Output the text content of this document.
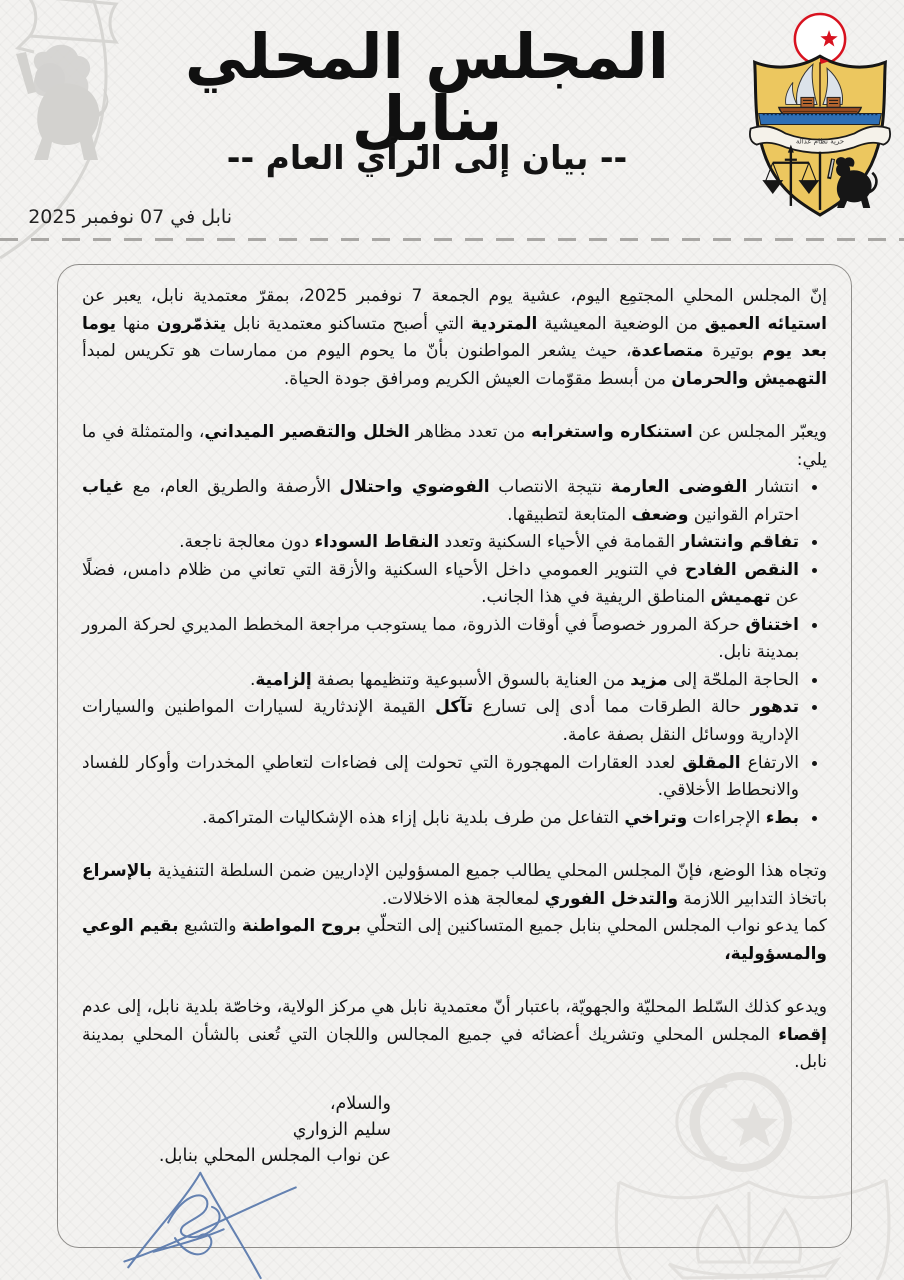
المجلس المحلي بنابل
-- بيان إلى الرأي العام --
نابل في 07 نوفمبر 2025
حرية نظام عدالة

إنّ المجلس المحلي المجتمِع اليوم، عشية يوم الجمعة 7 نوفمبر 2025، بمقرّ معتمدية نابل، يعبر عن استيائه العميق من الوضعية المعيشية المتردية التي أصبح متساكنو معتمدية نابل يتذمّرون منها يوما بعد يوم بوتيرة متصاعدة، حيث يشعر المواطنون بأنّ ما يحوم اليوم من ممارسات هو تكريس لمبدأ التهميش والحرمان من أبسط مقوّمات العيش الكريم ومرافق جودة الحياة.

ويعبّر المجلس عن استنكاره واستغرابه من تعدد مظاهر الخلل والتقصير الميداني، والمتمثلة في ما يلي:

• انتشار الفوضى العارمة نتيجة الانتصاب الفوضوي واحتلال الأرصفة والطريق العام، مع غياب احترام القوانين وضعف المتابعة لتطبيقها.
• تفاقم وانتشار القمامة في الأحياء السكنية وتعدد النقاط السوداء دون معالجة ناجعة.
• النقص الفادح في التنوير العمومي داخل الأحياء السكنية والأزقة التي تعاني من ظلام دامس، فضلًا عن تهميش المناطق الريفية في هذا الجانب.
• اختناق حركة المرور خصوصاً في أوقات الذروة، مما يستوجب مراجعة المخطط المديري لحركة المرور بمدينة نابل.
• الحاجة الملحّة إلى مزيد من العناية بالسوق الأسبوعية وتنظيمها بصفة إلزامية.
• تدهور حالة الطرقات مما أدى إلى تسارع تآكل القيمة الإندثارية لسيارات المواطنين والسيارات الإدارية ووسائل النقل بصفة عامة.
• الارتفاع المقلق لعدد العقارات المهجورة التي تحولت إلى فضاءات لتعاطي المخدرات وأوكار للفساد والانحطاط الأخلاقي.
• بطء الإجراءات وتراخي التفاعل من طرف بلدية نابل إزاء هذه الإشكاليات المتراكمة.

وتجاه هذا الوضع، فإنّ المجلس المحلي يطالب جميع المسؤولين الإداريين ضمن السلطة التنفيذية بالإسراع باتخاذ التدابير اللازمة والتدخل الفوري لمعالجة هذه الاخلالات.

كما يدعو نواب المجلس المحلي بنابل جميع المتساكنين إلى التحلّي بروح المواطنة والتشبع بقيم الوعي والمسؤولية،

ويدعو كذلك السّلط المحليّة والجهويّة، باعتبار أنّ معتمدية نابل هي مركز الولاية، وخاصّة بلدية نابل، إلى عدم إقصاء المجلس المحلي وتشريك أعضائه في جميع المجالس واللجان التي تُعنى بالشأن المحلي بمدينة نابل.

والسلام،
سليم الزواري
عن نواب المجلس المحلي بنابل.
